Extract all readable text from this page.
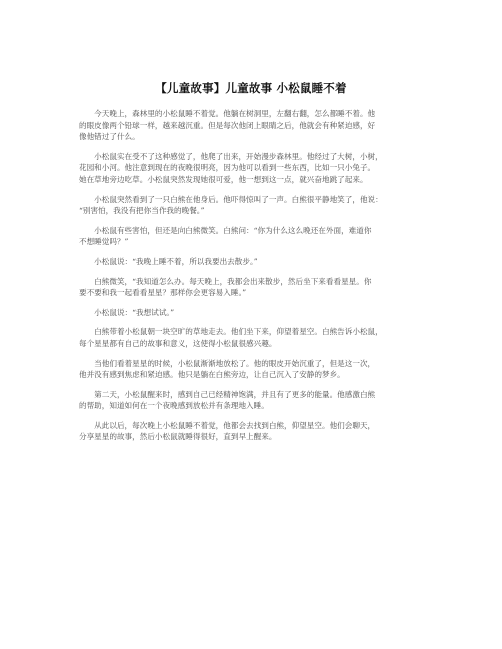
【儿童故事】儿童故事 小松鼠睡不着

　　今天晚上，森林里的小松鼠睡不着觉。他躺在树洞里，左翻右翻，怎么都睡不着。他
的眼皮像两个铅球一样，越来越沉重。但是每次他闭上眼睛之后，他就会有种紧迫感，好
像他错过了什么。

　　小松鼠实在受不了这种感觉了，他爬了出来，开始漫步森林里。他经过了大树，小树，
花园和小河。他注意到现在的夜晚很明亮，因为他可以看到一些东西，比如一只小兔子。
她在草地旁边吃草。小松鼠突然发现她很可爱，他一想到这一点，就兴奋地跳了起来。

　　小松鼠突然看到了一只白熊在他身后。他吓得惊叫了一声。白熊很平静地笑了，他说：
“别害怕，我没有把你当作我的晚餐。”

　　小松鼠有些害怕，但还是向白熊微笑。白熊问：“你为什么这么晚还在外面，难道你
不想睡觉吗？”

　　小松鼠说：“我晚上睡不着，所以我要出去散步。”

　　白熊微笑，“我知道怎么办。每天晚上，我都会出来散步，然后坐下来看看星星。你
要不要和我一起看看星星？那样你会更容易入睡。”

　　小松鼠说：“我想试试。”

　　白熊带着小松鼠朝一块空旷的草地走去。他们坐下来，仰望着星空。白熊告诉小松鼠，
每个星星都有自己的故事和意义，这使得小松鼠很感兴趣。

　　当他们看着星星的时候，小松鼠渐渐地放松了。他的眼皮开始沉重了，但是这一次，
他并没有感到焦虑和紧迫感。他只是躺在白熊旁边，让自己沉入了安静的梦乡。

　　第二天，小松鼠醒来时，感到自己已经精神饱满，并且有了更多的能量。他感激白熊
的帮助，知道如何在一个夜晚感到放松并有条理地入睡。

　　从此以后，每次晚上小松鼠睡不着觉，他都会去找到白熊，仰望星空。他们会聊天，
分享星星的故事，然后小松鼠就睡得很好，直到早上醒来。
